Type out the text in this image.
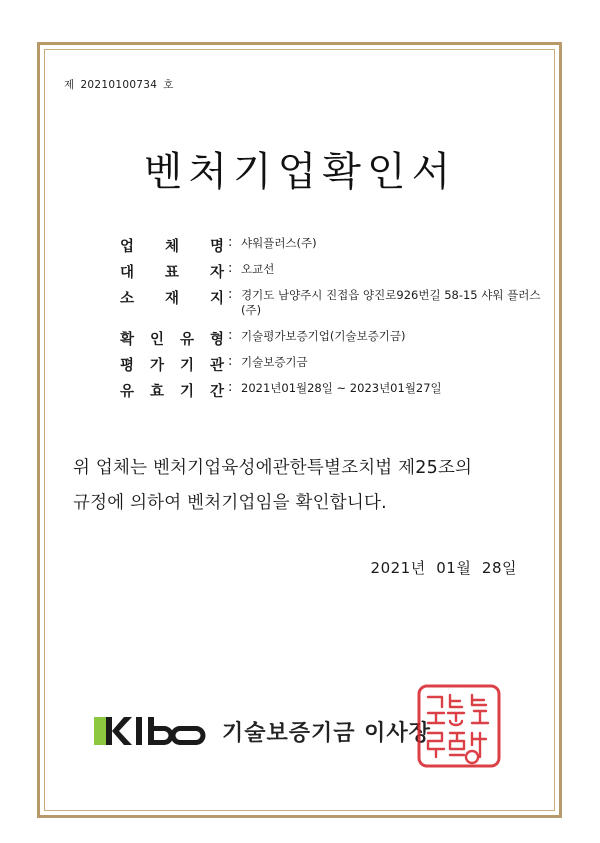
제 20210100734 호
벤처기업확인서
업 체 명 : 샤워플러스(주)
대 표 자 : 오교선
소 재 지 : 경기도 남양주시 진접읍 양진로926번길 58-15 샤워 플러스(주)
확 인 유 형 : 기술평가보증기업(기술보증기금)
평 가 기 관 : 기술보증기금
유 효 기 간 : 2021년01월28일 ~ 2023년01월27일
위 업체는 벤처기업육성에관한특별조치법 제25조의
규정에 의하여 벤처기업임을 확인합니다.
2021년 01월 28일
기술보증기금 이사장
